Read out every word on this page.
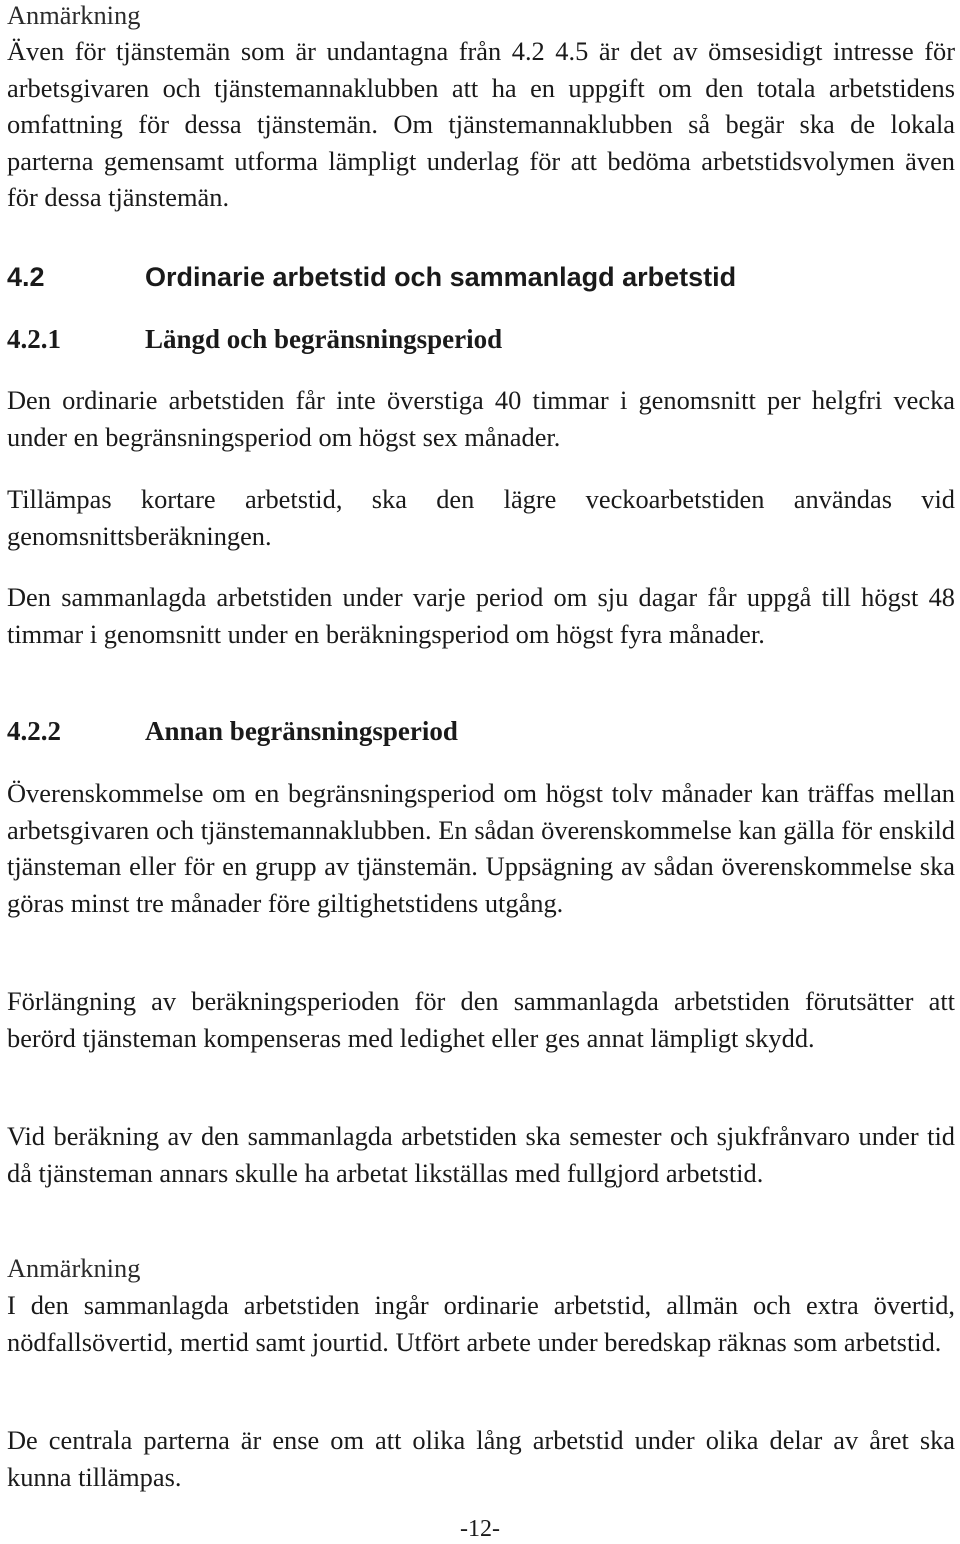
Anmärkning

Även för tjänstemän som är undantagna från 4.2 4.5 är det av ömsesidigt intresse för arbetsgivaren och tjänstemannaklubben att ha en uppgift om den totala arbetstidens omfattning för dessa tjänstemän. Om tjänstemannaklubben så begär ska de lokala parterna gemensamt utforma lämpligt underlag för att bedöma arbetstidsvolymen även för dessa tjänstemän.

4.2	Ordinarie arbetstid och sammanlagd arbetstid
4.2.1	Längd och begränsningsperiod

Den ordinarie arbetstiden får inte överstiga 40 timmar i genomsnitt per helgfri vecka under en begränsningsperiod om högst sex månader.

Tillämpas kortare arbetstid, ska den lägre veckoarbetstiden användas vid genomsnittsberäkningen.

Den sammanlagda arbetstiden under varje period om sju dagar får uppgå till högst 48 timmar i genomsnitt under en beräkningsperiod om högst fyra månader.

4.2.2	Annan begränsningsperiod

Överenskommelse om en begränsningsperiod om högst tolv månader kan träffas mellan arbetsgivaren och tjänstemannaklubben. En sådan överenskommelse kan gälla för enskild tjänsteman eller för en grupp av tjänstemän. Uppsägning av sådan överenskommelse ska göras minst tre månader före giltighetstidens utgång.

Förlängning av beräkningsperioden för den sammanlagda arbetstiden förutsätter att berörd tjänsteman kompenseras med ledighet eller ges annat lämpligt skydd.

Vid beräkning av den sammanlagda arbetstiden ska semester och sjukfrånvaro under tid då tjänsteman annars skulle ha arbetat likställas med fullgjord arbetstid.

Anmärkning

I den sammanlagda arbetstiden ingår ordinarie arbetstid, allmän och extra övertid, nödfallsövertid, mertid samt jourtid. Utfört arbete under beredskap räknas som arbetstid.

De centrala parterna är ense om att olika lång arbetstid under olika delar av året ska kunna tillämpas.

-12-
